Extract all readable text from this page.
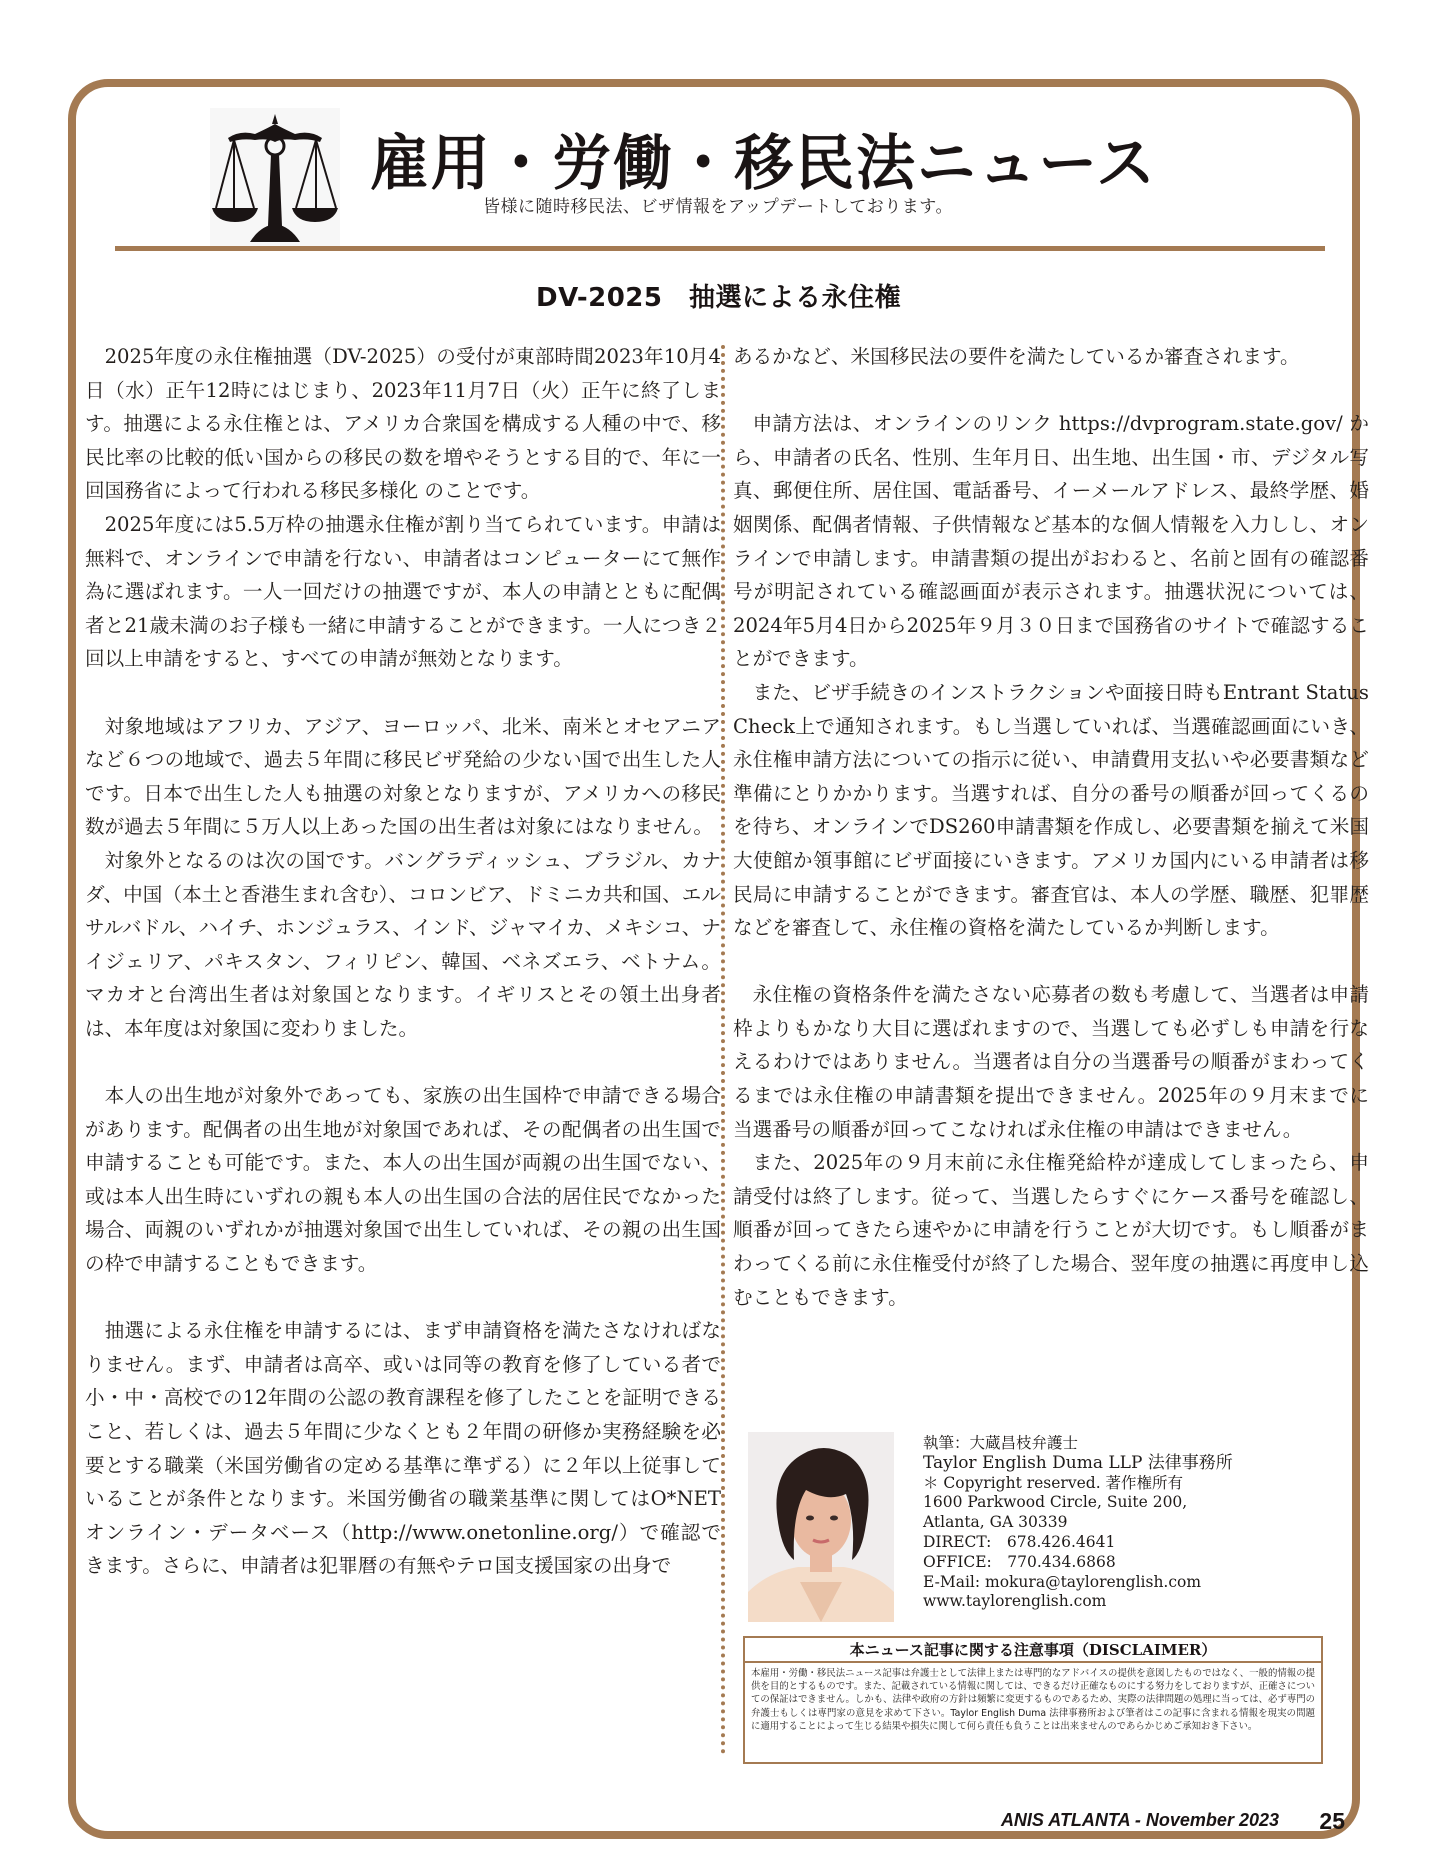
雇用・労働・移民法ニュース
皆様に随時移民法、ビザ情報をアップデートしております。
DV-2025　抽選による永住権

2025年度の永住権抽選（DV-2025）の受付が東部時間2023年10月4日（水）正午12時にはじまり、2023年11月7日（火）正午に終了します。抽選による永住権とは、アメリカ合衆国を構成する人種の中で、移民比率の比較的低い国からの移民の数を増やそうとする目的で、年に一回国務省によって行われる移民多様化 のことです。

2025年度には5.5万枠の抽選永住権が割り当てられています。申請は無料で、オンラインで申請を行ない、申請者はコンピューターにて無作為に選ばれます。一人一回だけの抽選ですが、本人の申請とともに配偶者と21歳未満のお子様も一緒に申請することができます。一人につき２回以上申請をすると、すべての申請が無効となります。

対象地域はアフリカ、アジア、ヨーロッパ、北米、南米とオセアニアなど６つの地域で、過去５年間に移民ビザ発給の少ない国で出生した人です。日本で出生した人も抽選の対象となりますが、アメリカへの移民数が過去５年間に５万人以上あった国の出生者は対象にはなりません。

対象外となるのは次の国です。バングラディッシュ、ブラジル、カナダ、中国（本土と香港生まれ含む）、コロンビア、ドミニカ共和国、エルサルバドル、ハイチ、ホンジュラス、インド、ジャマイカ、メキシコ、ナイジェリア、パキスタン、フィリピン、韓国、ベネズエラ、ベトナム。マカオと台湾出生者は対象国となります。イギリスとその領土出身者は、本年度は対象国に変わりました。

本人の出生地が対象外であっても、家族の出生国枠で申請できる場合があります。配偶者の出生地が対象国であれば、その配偶者の出生国で申請することも可能です。また、本人の出生国が両親の出生国でない、或は本人出生時にいずれの親も本人の出生国の合法的居住民でなかった場合、両親のいずれかが抽選対象国で出生していれば、その親の出生国の枠で申請することもできます。

抽選による永住権を申請するには、まず申請資格を満たさなければなりません。まず、申請者は高卒、或いは同等の教育を修了している者で小・中・高校での12年間の公認の教育課程を修了したことを証明できること、若しくは、過去５年間に少なくとも２年間の研修か実務経験を必要とする職業（米国労働省の定める基準に準ずる）に２年以上従事していることが条件となります。米国労働省の職業基準に関してはO*NETオンライン・データベース（http://www.onetonline.org/）で確認できます。さらに、申請者は犯罪暦の有無やテロ国支援国家の出身で

あるかなど、米国移民法の要件を満たしているか審査されます。

申請方法は、オンラインのリンク https://dvprogram.state.gov/ から、申請者の氏名、性別、生年月日、出生地、出生国・市、デジタル写真、郵便住所、居住国、電話番号、イーメールアドレス、最終学歴、婚姻関係、配偶者情報、子供情報など基本的な個人情報を入力しし、オンラインで申請します。申請書類の提出がおわると、名前と固有の確認番号が明記されている確認画面が表示されます。抽選状況については、2024年5月4日から2025年９月３０日まで国務省のサイトで確認することができます。

また、ビザ手続きのインストラクションや面接日時もEntrant Status Check上で通知されます。もし当選していれば、当選確認画面にいき、永住権申請方法についての指示に従い、申請費用支払いや必要書類など準備にとりかかります。当選すれば、自分の番号の順番が回ってくるのを待ち、オンラインでDS260申請書類を作成し、必要書類を揃えて米国大使館か領事館にビザ面接にいきます。アメリカ国内にいる申請者は移民局に申請することができます。審査官は、本人の学歴、職歴、犯罪歴などを審査して、永住権の資格を満たしているか判断します。

永住権の資格条件を満たさない応募者の数も考慮して、当選者は申請枠よりもかなり大目に選ばれますので、当選しても必ずしも申請を行なえるわけではありません。当選者は自分の当選番号の順番がまわってくるまでは永住権の申請書類を提出できません。2025年の９月末までに当選番号の順番が回ってこなければ永住権の申請はできません。

また、2025年の９月末前に永住権発給枠が達成してしまったら、申請受付は終了します。従って、当選したらすぐにケース番号を確認し、順番が回ってきたら速やかに申請を行うことが大切です。もし順番がまわってくる前に永住権受付が終了した場合、翌年度の抽選に再度申し込むこともできます。

執筆：大蔵昌枝弁護士
Taylor English Duma LLP 法律事務所
＊ Copyright reserved. 著作権所有
1600 Parkwood Circle, Suite 200,
Atlanta, GA 30339
DIRECT:　678.426.4641
OFFICE:　770.434.6868
E-Mail: mokura@taylorenglish.com
www.taylorenglish.com
本ニュース記事に関する注意事項（DISCLAIMER）
本雇用・労働・移民法ニュース記事は弁護士として法律上または専門的なアドバイスの提供を意図したものではなく、一般的情報の提供を目的とするものです。また、記載されている情報に関しては、できるだけ正確なものにする努力をしておりますが、正確さについての保証はできません。しかも、法律や政府の方針は頻繁に変更するものであるため、実際の法律問題の処理に当っては、必ず専門の弁護士もしくは専門家の意見を求めて下さい。Taylor English Duma 法律事務所および筆者はこの記事に含まれる情報を現実の問題に適用することによって生じる結果や損失に関して何ら責任も負うことは出来ませんのであらかじめご承知おき下さい。
ANIS ATLANTA - November 2023 25
